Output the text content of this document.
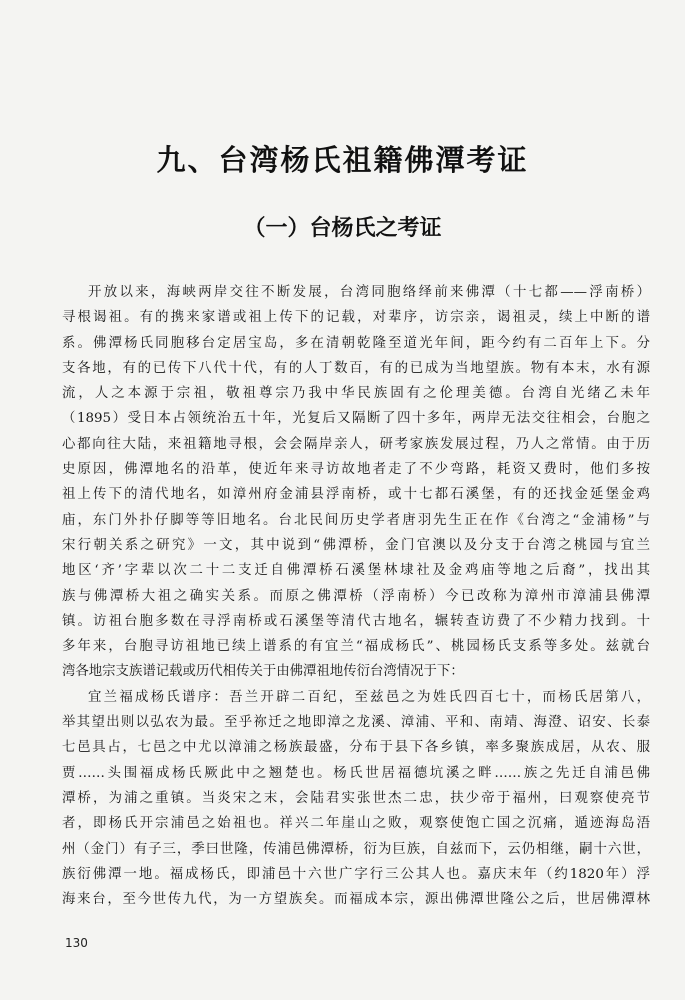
九、台湾杨氏祖籍佛潭考证
（一）台杨氏之考证
开放以来，海峡两岸交往不断发展，台湾同胞络绎前来佛潭（十七都——浮南桥）
寻根谒祖。有的携来家谱或祖上传下的记载，对辈序，访宗亲，谒祖灵，续上中断的谱
系。佛潭杨氏同胞移台定居宝岛，多在清朝乾隆至道光年间，距今约有二百年上下。分
支各地，有的已传下八代十代，有的人丁数百，有的已成为当地望族。物有本末，水有源
流，人之本源于宗祖，敬祖尊宗乃我中华民族固有之伦理美德。台湾自光绪乙未年
（1895）受日本占领统治五十年，光复后又隔断了四十多年，两岸无法交往相会，台胞之
心都向往大陆，来祖籍地寻根，会会隔岸亲人，研考家族发展过程，乃人之常情。由于历
史原因，佛潭地名的沿革，使近年来寻访故地者走了不少弯路，耗资又费时，他们多按
祖上传下的清代地名，如漳州府金浦县浮南桥，或十七都石溪堡，有的还找金延堡金鸡
庙，东门外扑仔脚等等旧地名。台北民间历史学者唐羽先生正在作《台湾之“金浦杨”与
宋行朝关系之研究》一文，其中说到“佛潭桥，金门官澳以及分支于台湾之桃园与宜兰
地区‘齐’字辈以次二十二支迁自佛潭桥石溪堡林埭社及金鸡庙等地之后裔”，找出其
族与佛潭桥大祖之确实关系。而原之佛潭桥（浮南桥）今已改称为漳州市漳浦县佛潭
镇。访祖台胞多数在寻浮南桥或石溪堡等清代古地名，辗转查访费了不少精力找到。十
多年来，台胞寻访祖地已续上谱系的有宜兰“福成杨氏”、桃园杨氏支系等多处。兹就台
湾各地宗支族谱记载或历代相传关于由佛潭祖地传衍台湾情况于下：
宜兰福成杨氏谱序：吾兰开辟二百纪，至兹邑之为姓氏四百七十，而杨氏居第八，
举其望出则以弘农为最。至乎祢迁之地即漳之龙溪、漳浦、平和、南靖、海澄、诏安、长泰
七邑具占，七邑之中尤以漳浦之杨族最盛，分布于县下各乡镇，率多聚族成居，从农、服
贾……头围福成杨氏厥此中之翘楚也。杨氏世居福德坑溪之畔……族之先迁自浦邑佛
潭桥，为浦之重镇。当炎宋之末，会陆君实张世杰二忠，扶少帝于福州，曰观察使亮节
者，即杨氏开宗浦邑之始祖也。祥兴二年崖山之败，观察使饱亡国之沉痛，遁迹海岛浯
州（金门）有子三，季曰世隆，传浦邑佛潭桥，衍为巨族，自兹而下，云仍相继，嗣十六世，
族衍佛潭一地。福成杨氏，即浦邑十六世广字行三公其人也。嘉庆末年（约1820年）浮
海来台，至今世传九代，为一方望族矣。而福成本宗，源出佛潭世隆公之后，世居佛潭林
130
